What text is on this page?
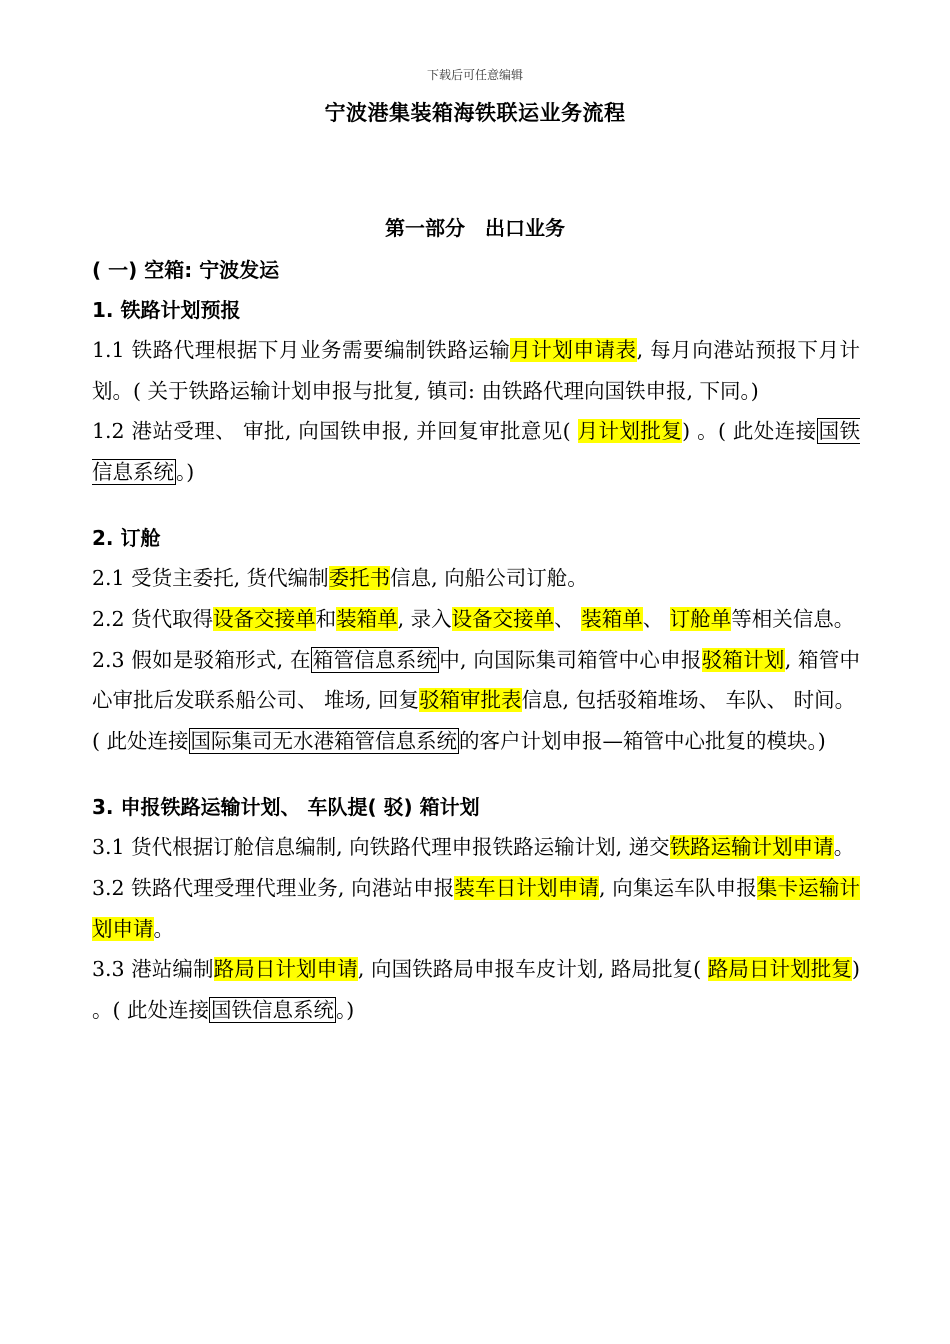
下载后可任意编辑
宁波港集装箱海铁联运业务流程
第一部分　出口业务
( 一) 空箱: 宁波发运
1. 铁路计划预报
1.1 铁路代理根据下月业务需要编制铁路运输月计划申请表, 每月向港站预报下月计划。( 关于铁路运输计划申报与批复, 镇司: 由铁路代理向国铁申报, 下同。)
1.2 港站受理、 审批, 向国铁申报, 并回复审批意见( 月计划批复) 。( 此处连接国铁信息系统。)
2. 订舱
2.1 受货主委托, 货代编制委托书信息, 向船公司订舱。
2.2 货代取得设备交接单和装箱单, 录入设备交接单、 装箱单、 订舱单等相关信息。
2.3 假如是驳箱形式, 在箱管信息系统中, 向国际集司箱管中心申报驳箱计划, 箱管中心审批后发联系船公司、 堆场, 回复驳箱审批表信息, 包括驳箱堆场、 车队、 时间。
( 此处连接国际集司无水港箱管信息系统的客户计划申报—箱管中心批复的模块。)
3. 申报铁路运输计划、 车队提( 驳) 箱计划
3.1 货代根据订舱信息编制, 向铁路代理申报铁路运输计划, 递交铁路运输计划申请。
3.2 铁路代理受理代理业务, 向港站申报装车日计划申请, 向集运车队申报集卡运输计划申请。
3.3 港站编制路局日计划申请, 向国铁路局申报车皮计划, 路局批复( 路局日计划批复) 。( 此处连接国铁信息系统。)
